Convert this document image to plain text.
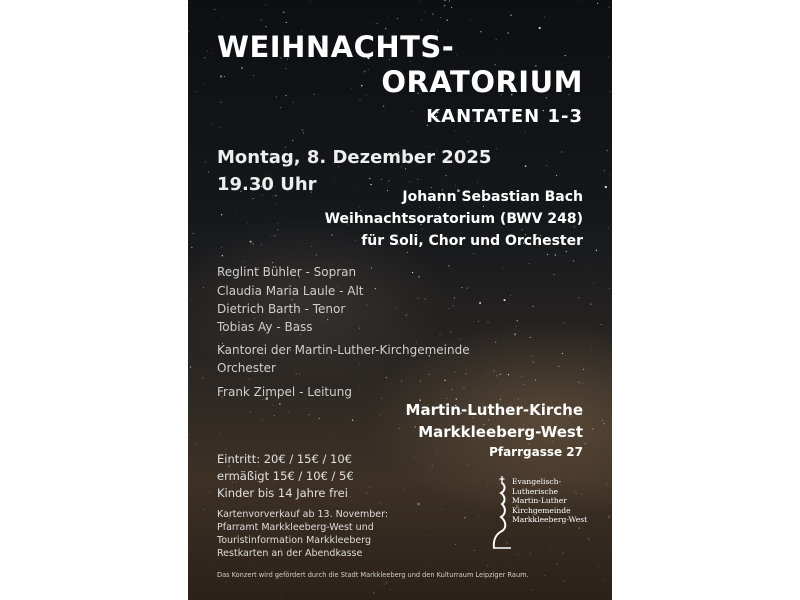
WEIHNACHTS-
ORATORIUM
KANTATEN 1-3
Montag, 8. Dezember 2025
19.30 Uhr
Johann Sebastian Bach
Weihnachtsoratorium (BWV 248)
für Soli, Chor und Orchester
Reglint Bühler - Sopran
Claudia Maria Laule - Alt
Dietrich Barth - Tenor
Tobias Ay - Bass
Kantorei der Martin-Luther-Kirchgemeinde
Orchester
Frank Zimpel - Leitung
Martin-Luther-Kirche
Markkleeberg-West
Pfarrgasse 27
Eintritt: 20€ / 15€ / 10€
ermäßigt 15€ / 10€ / 5€
Kinder bis 14 Jahre frei
Kartenvorverkauf ab 13. November:
Pfarramt Markkleeberg-West und
Touristinformation Markkleeberg
Restkarten an der Abendkasse
Evangelisch-
Lutherische
Martin-Luther
Kirchgemeinde
Markkleeberg-West
Das Konzert wird gefördert durch die Stadt Markkleeberg und den Kulturraum Leipziger Raum.
